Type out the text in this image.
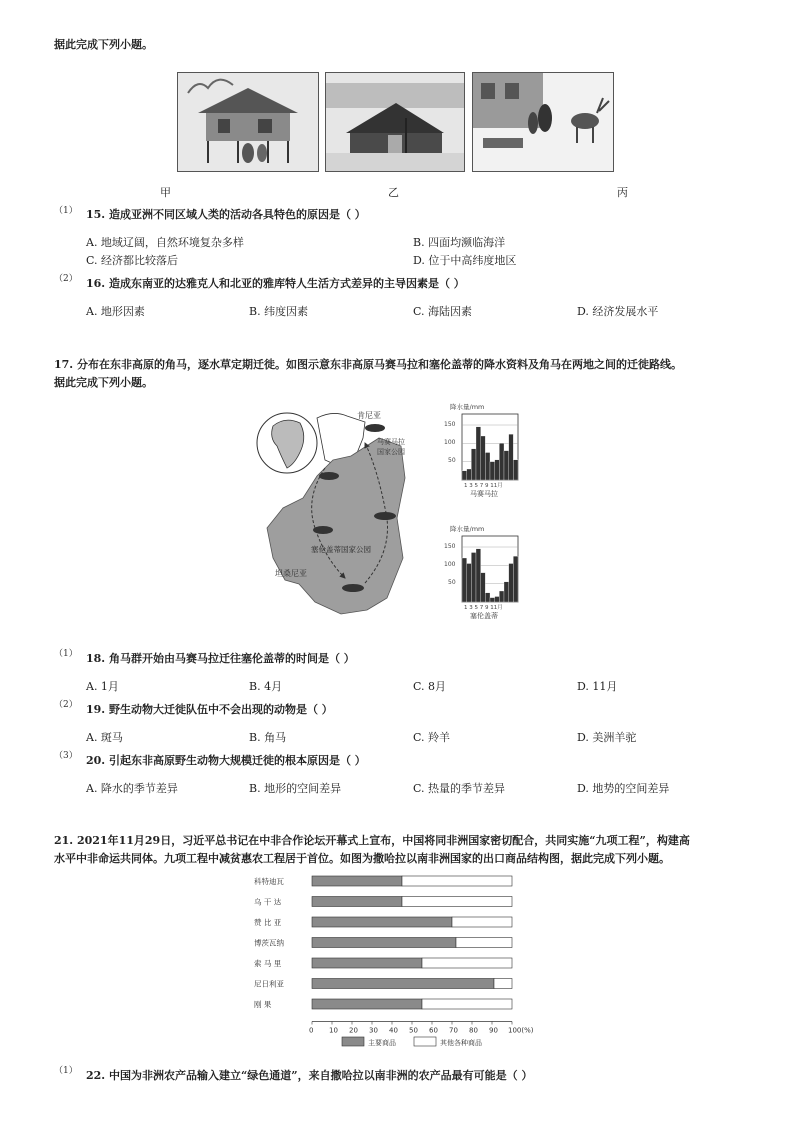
据此完成下列小题。
甲	乙	丙
（1） 15. 造成亚洲不同区域人类的活动各具特色的原因是（ ）
A. 地域辽阔，自然环境复杂多样	B. 四面均濒临海洋
C. 经济都比较落后	D. 位于中高纬度地区
（2） 16. 造成东南亚的达雅克人和北亚的雅库特人生活方式差异的主导因素是（ ）
A. 地形因素	B. 纬度因素	C. 海陆因素	D. 经济发展水平
17. 分布在东非高原的角马，逐水草定期迁徙。如图示意东非高原马赛马拉和塞伦盖蒂的降水资料及角马在两地之间的迁徙路线。
据此完成下列小题。
肯尼亚
马赛马拉
国家公园
塞伦盖蒂国家公园
坦桑尼亚
降水量/mm
150
100
50
1 3 5 7 9 11月
马赛马拉
降水量/mm
150
100
50
1 3 5 7 9 11月
塞伦盖蒂
（1） 18. 角马群开始由马赛马拉迁往塞伦盖蒂的时间是（ ）
A. 1月	B. 4月	C. 8月	D. 11月
（2） 19. 野生动物大迁徙队伍中不会出现的动物是（ ）
A. 斑马	B. 角马	C. 羚羊	D. 美洲羊驼
（3） 20. 引起东非高原野生动物大规模迁徙的根本原因是（ ）
A. 降水的季节差异	B. 地形的空间差异	C. 热量的季节差异	D. 地势的空间差异
21. 2021年11月29日，习近平总书记在中非合作论坛开幕式上宣布，中国将同非洲国家密切配合，共同实施“九项工程”，构建高
水平中非命运共同体。九项工程中减贫惠农工程居于首位。如图为撒哈拉以南非洲国家的出口商品结构图，据此完成下列小题。
科特迪瓦
乌 干 达
赞 比 亚
博茨瓦纳
索 马 里
尼日利亚
刚 果
0 10 20 30 40 50 60 70 80 90 100(%)
主要商品	其他各种商品
（1） 22. 中国为非洲农产品输入建立“绿色通道”，来自撒哈拉以南非洲的农产品最有可能是（ ）
